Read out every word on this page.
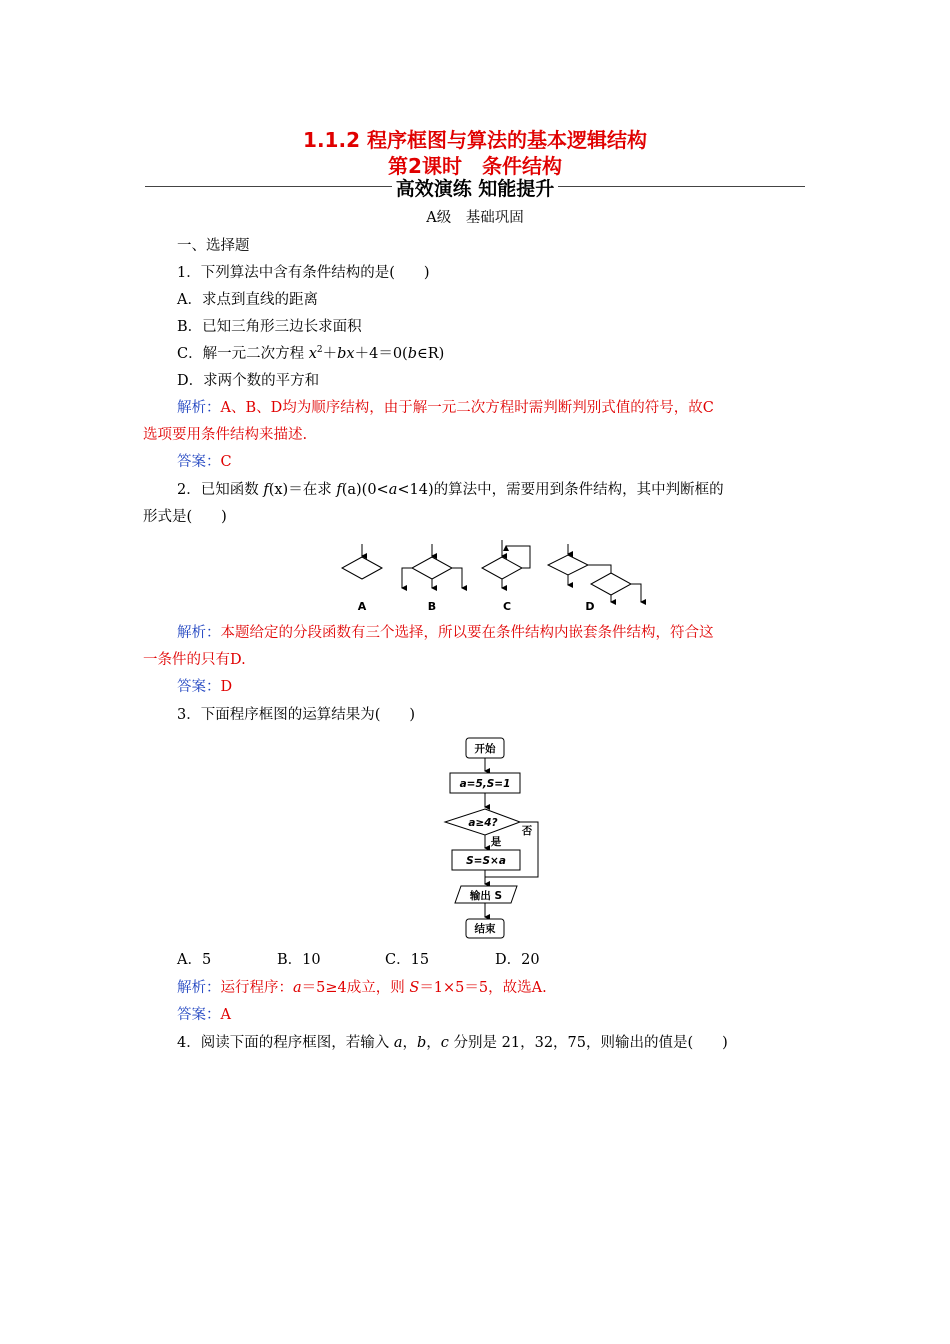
1.1.2 程序框图与算法的基本逻辑结构
第2课时　条件结构
高效演练 知能提升
A级　基础巩固
一、选择题
1．下列算法中含有条件结构的是(　　)
A．求点到直线的距离
B．已知三角形三边长求面积
C．解一元二次方程 $x^2+bx+4=0(b\in R)$
D．求两个数的平方和
解析：A、B、D均为顺序结构，由于解一元二次方程时需判断判别式值的符号，故C
选项要用条件结构来描述.
答案：C
2．已知函数 f(x)＝在求 f(a)(0<a<14)的算法中，需要用到条件结构，其中判断框的
形式是(　　)
A	B	C	D
解析：本题给定的分段函数有三个选择，所以要在条件结构内嵌套条件结构，符合这
一条件的只有D.
答案：D
3．下面程序框图的运算结果为(　　)
开始
a=5,S=1
a≥4?
否
是
S=S×a
输出 S
结束
A．5	B．10	C．15	D．20
解析：运行程序：a＝5≥4成立，则 S＝1×5＝5，故选A.
答案：A
4．阅读下面的程序框图，若输入 a，b，c 分别是 21，32，75，则输出的值是(　　)
